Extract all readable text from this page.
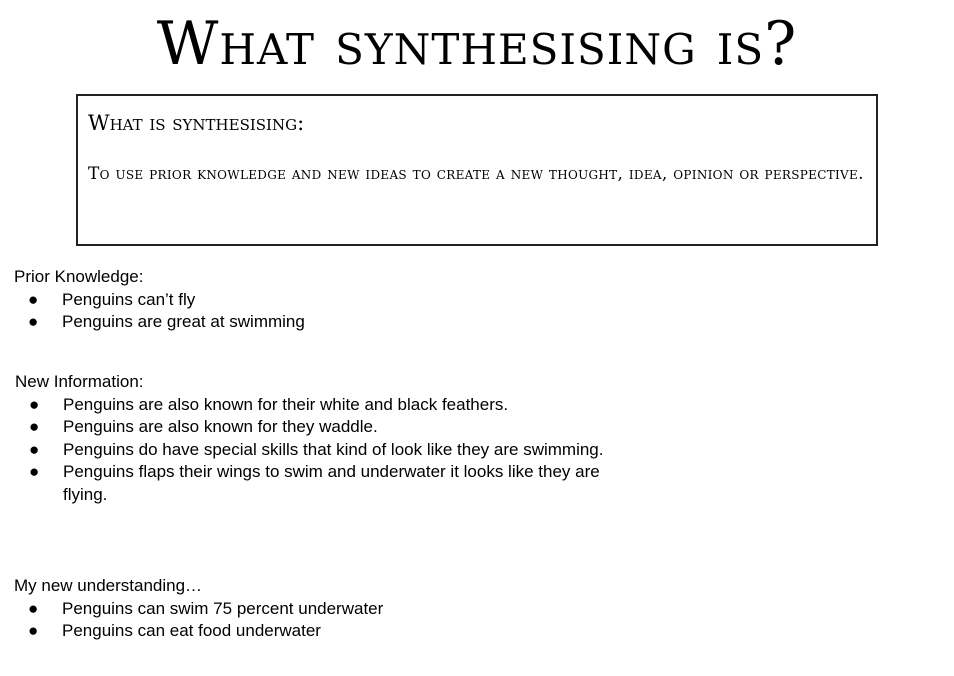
What synthesising is?
What is synthesising:
To use prior knowledge and new ideas to create a new thought, idea, opinion or perspective.

Prior Knowledge:

● Penguins can’t fly
● Penguins are great at swimming

New Information:

● Penguins are also known for their white and black feathers.
● Penguins are also known for they waddle.
● Penguins do have special skills that kind of look like they are swimming.
● Penguins flaps their wings to swim and underwater it looks like they are flying.

My new understanding…

● Penguins can swim 75 percent underwater
● Penguins can eat food underwater
